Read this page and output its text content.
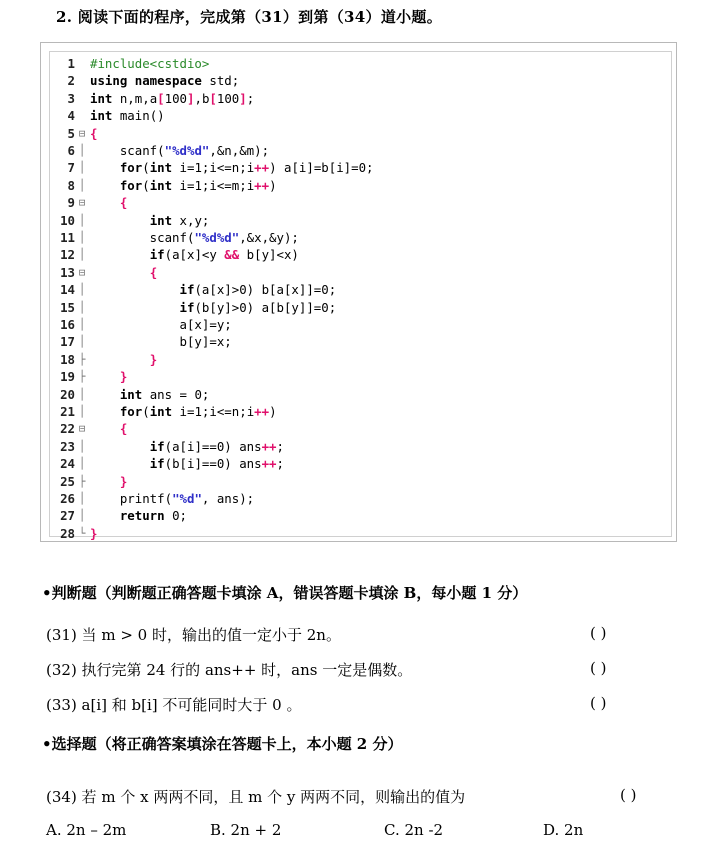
2. 阅读下面的程序，完成第（31）到第（34）道小题。
1 #include<cstdio>
2 using namespace std;
3 int n,m,a[100],b[100];
4 int main()
5 ⊟ {
6 │ scanf("%d%d",&n,&m);
7 │	for(int i=1;i<=n;i++) a[i]=b[i]=0;
8 │	for(int i=1;i<=m;i++)
9 ⊟	{
10 │	int x,y;
11 │ scanf("%d%d",&x,&y);
12 │	if(a[x]<y && b[y]<x)
13 ⊟	{
14 │	if(a[x]>0) b[a[x]]=0;
15 │	if(b[y]>0) a[b[y]]=0;
16 │ a[x]=y;
17 │ b[y]=x;
18 ├	}
19 ├	}
20 │	int ans = 0;
21 │	for(int i=1;i<=n;i++)
22 ⊟	{
23 │	if(a[i]==0) ans++;
24 │	if(b[i]==0) ans++;
25 ├	}
26 │ printf("%d", ans);
27 │	return 0;
28 └ }
•判断题（判断题正确答题卡填涂 A，错误答题卡填涂 B，每小题 1 分）
(31) 当 m > 0 时，输出的值一定小于 2n。	( )
(32) 执行完第 24 行的 ans++ 时，ans 一定是偶数。	( )
(33) a[i] 和 b[i] 不可能同时大于 0 。	( )
•选择题（将正确答案填涂在答题卡上，本小题 2 分）
(34) 若 m 个 x 两两不同，且 m 个 y 两两不同，则输出的值为	( )
A. 2n – 2m	B. 2n + 2	C. 2n -2	D. 2n
